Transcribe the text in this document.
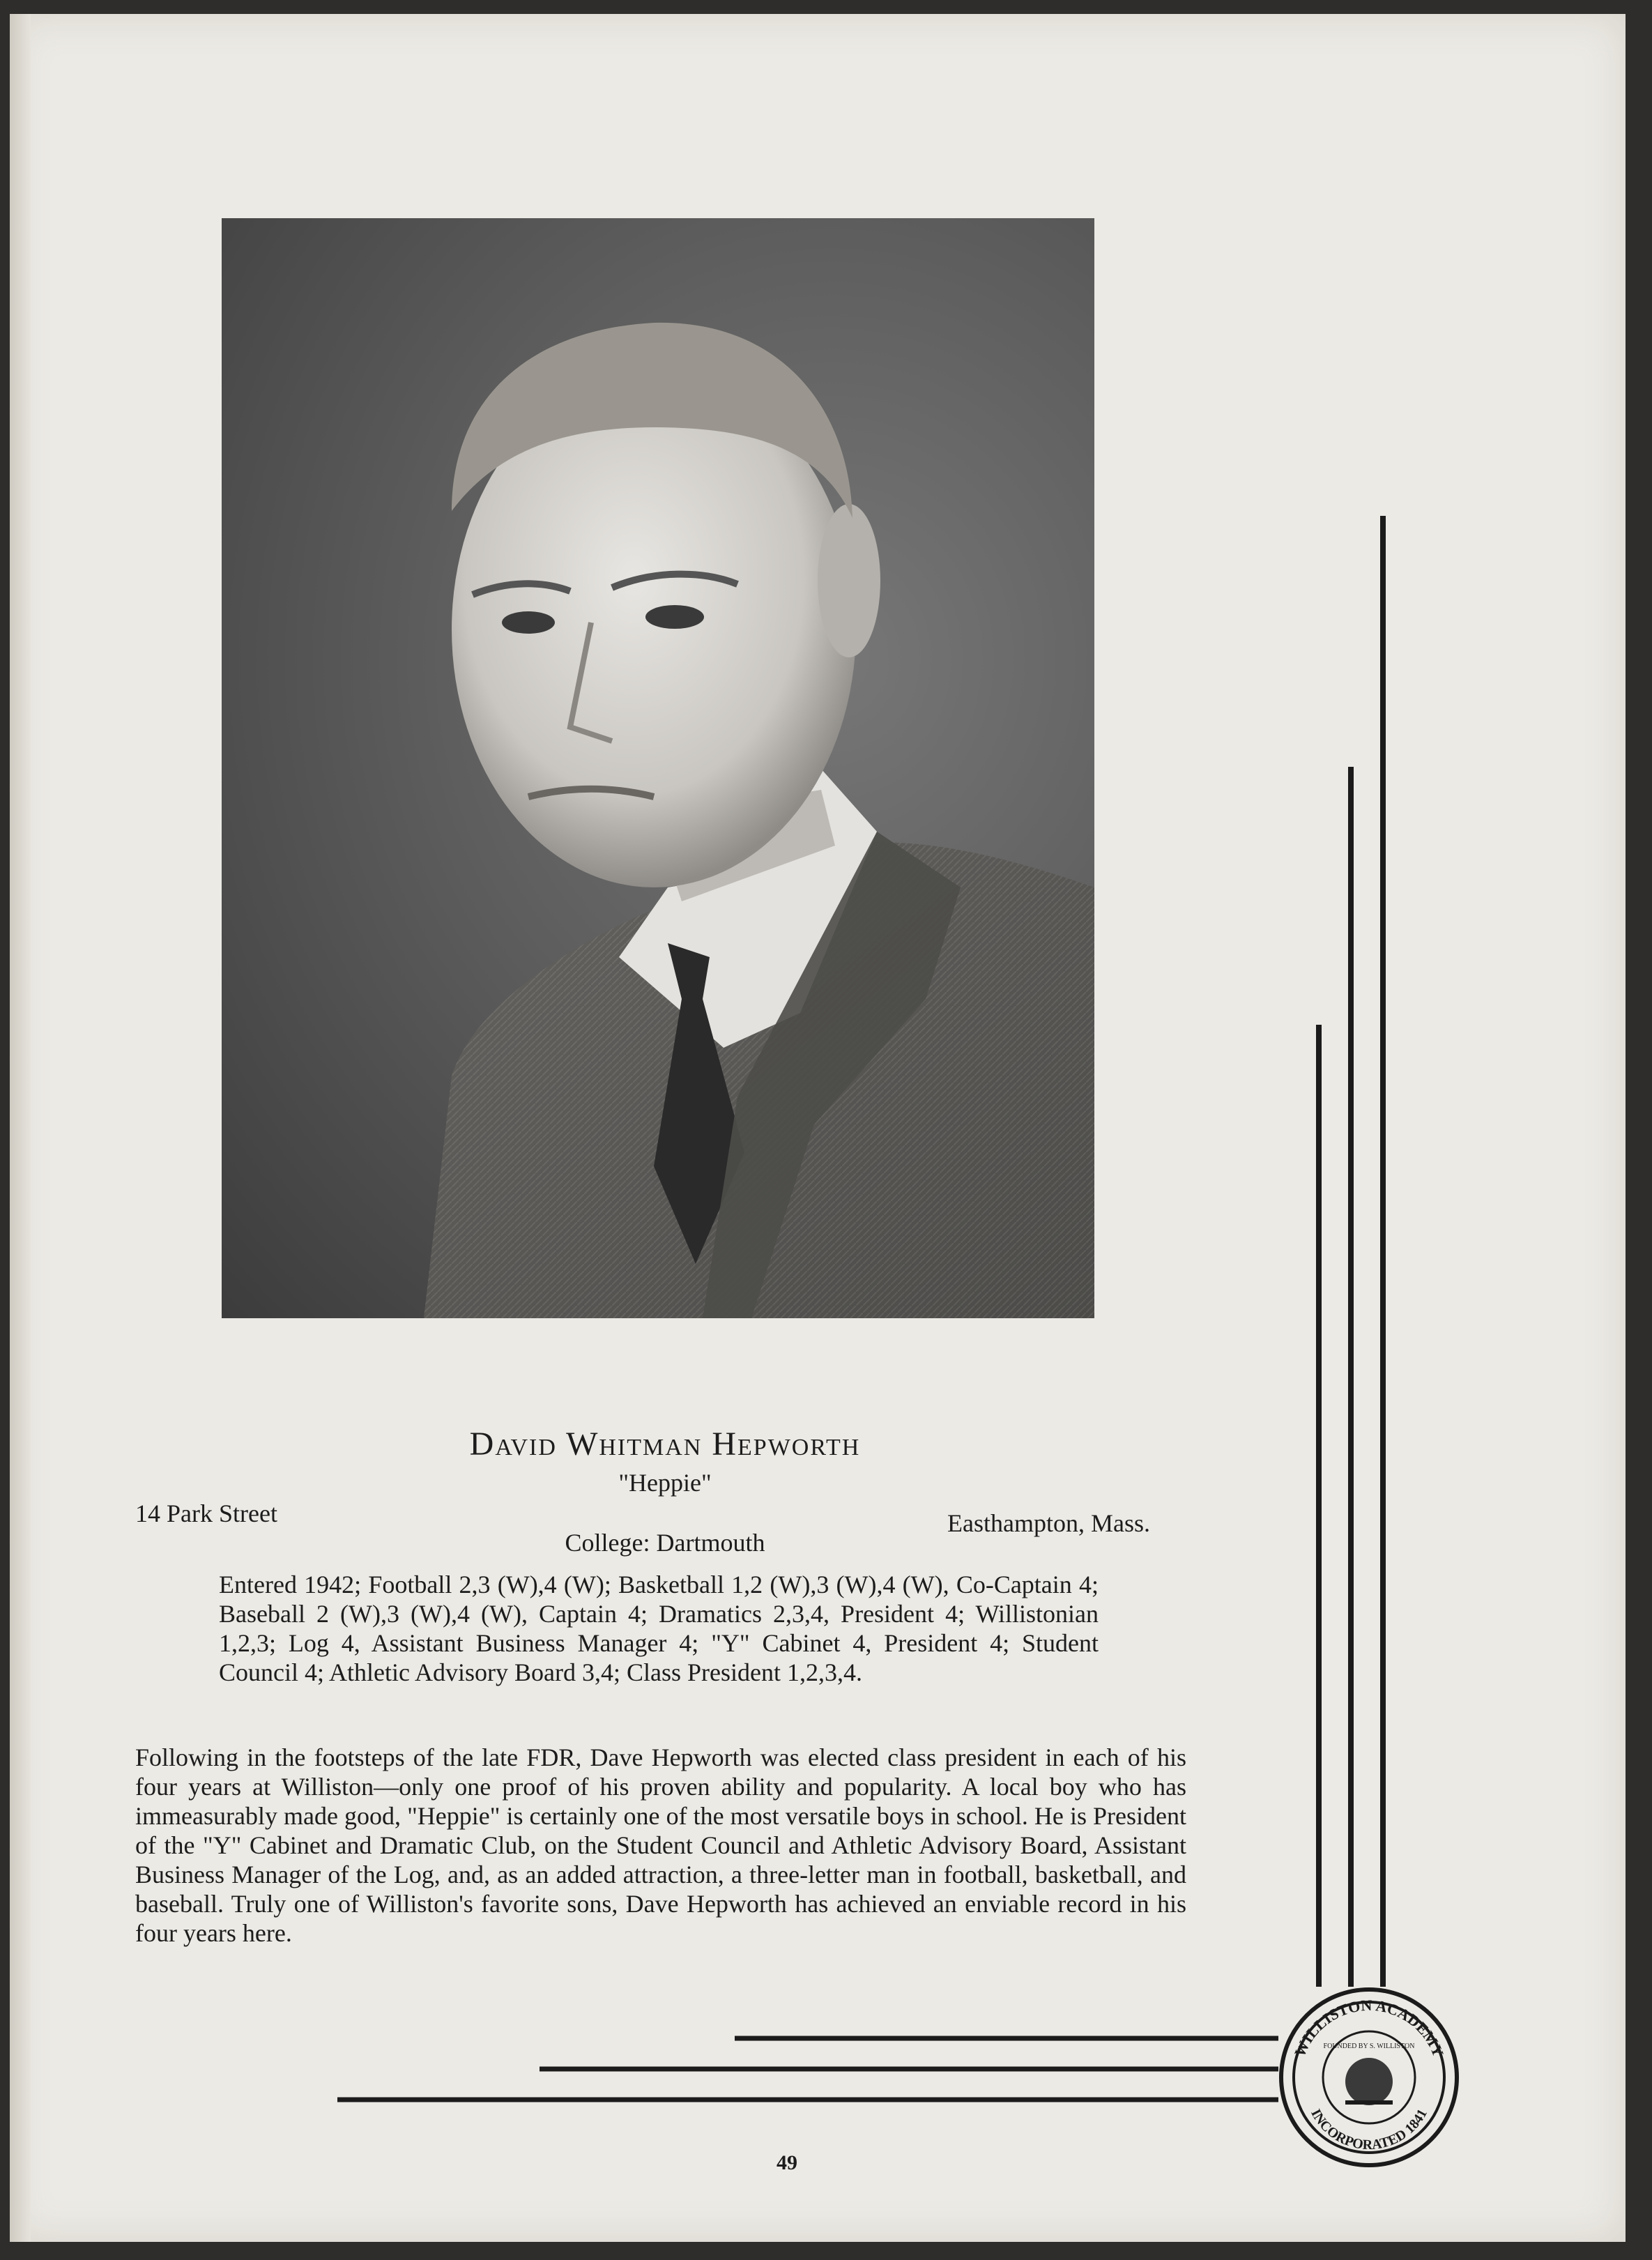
WILLISTON ACADEMY
INCORPORATED 1841
FOUNDED BY S. WILLISTON
David Whitman Hepworth
"Heppie"
14 Park Street	Easthampton, Mass.
College: Dartmouth
Entered 1942; Football 2,3 (W),4 (W); Basketball 1,2 (W),3 (W),4 (W), Co-Captain 4; Baseball 2 (W),3 (W),4 (W), Captain 4; Dramatics 2,3,4, President 4; Willistonian 1,2,3; Log 4, Assistant Business Manager 4; "Y" Cabinet 4, President 4; Student Council 4; Athletic Advisory Board 3,4; Class President 1,2,3,4.
Following in the footsteps of the late FDR, Dave Hepworth was elected class president in each of his four years at Williston—only one proof of his proven ability and popularity. A local boy who has immeasurably made good, "Heppie" is certainly one of the most versatile boys in school. He is President of the "Y" Cabinet and Dramatic Club, on the Student Council and Athletic Advisory Board, Assistant Business Manager of the Log, and, as an added attraction, a three-letter man in football, basketball, and baseball. Truly one of Williston's favorite sons, Dave Hepworth has achieved an enviable record in his four years here.
49
